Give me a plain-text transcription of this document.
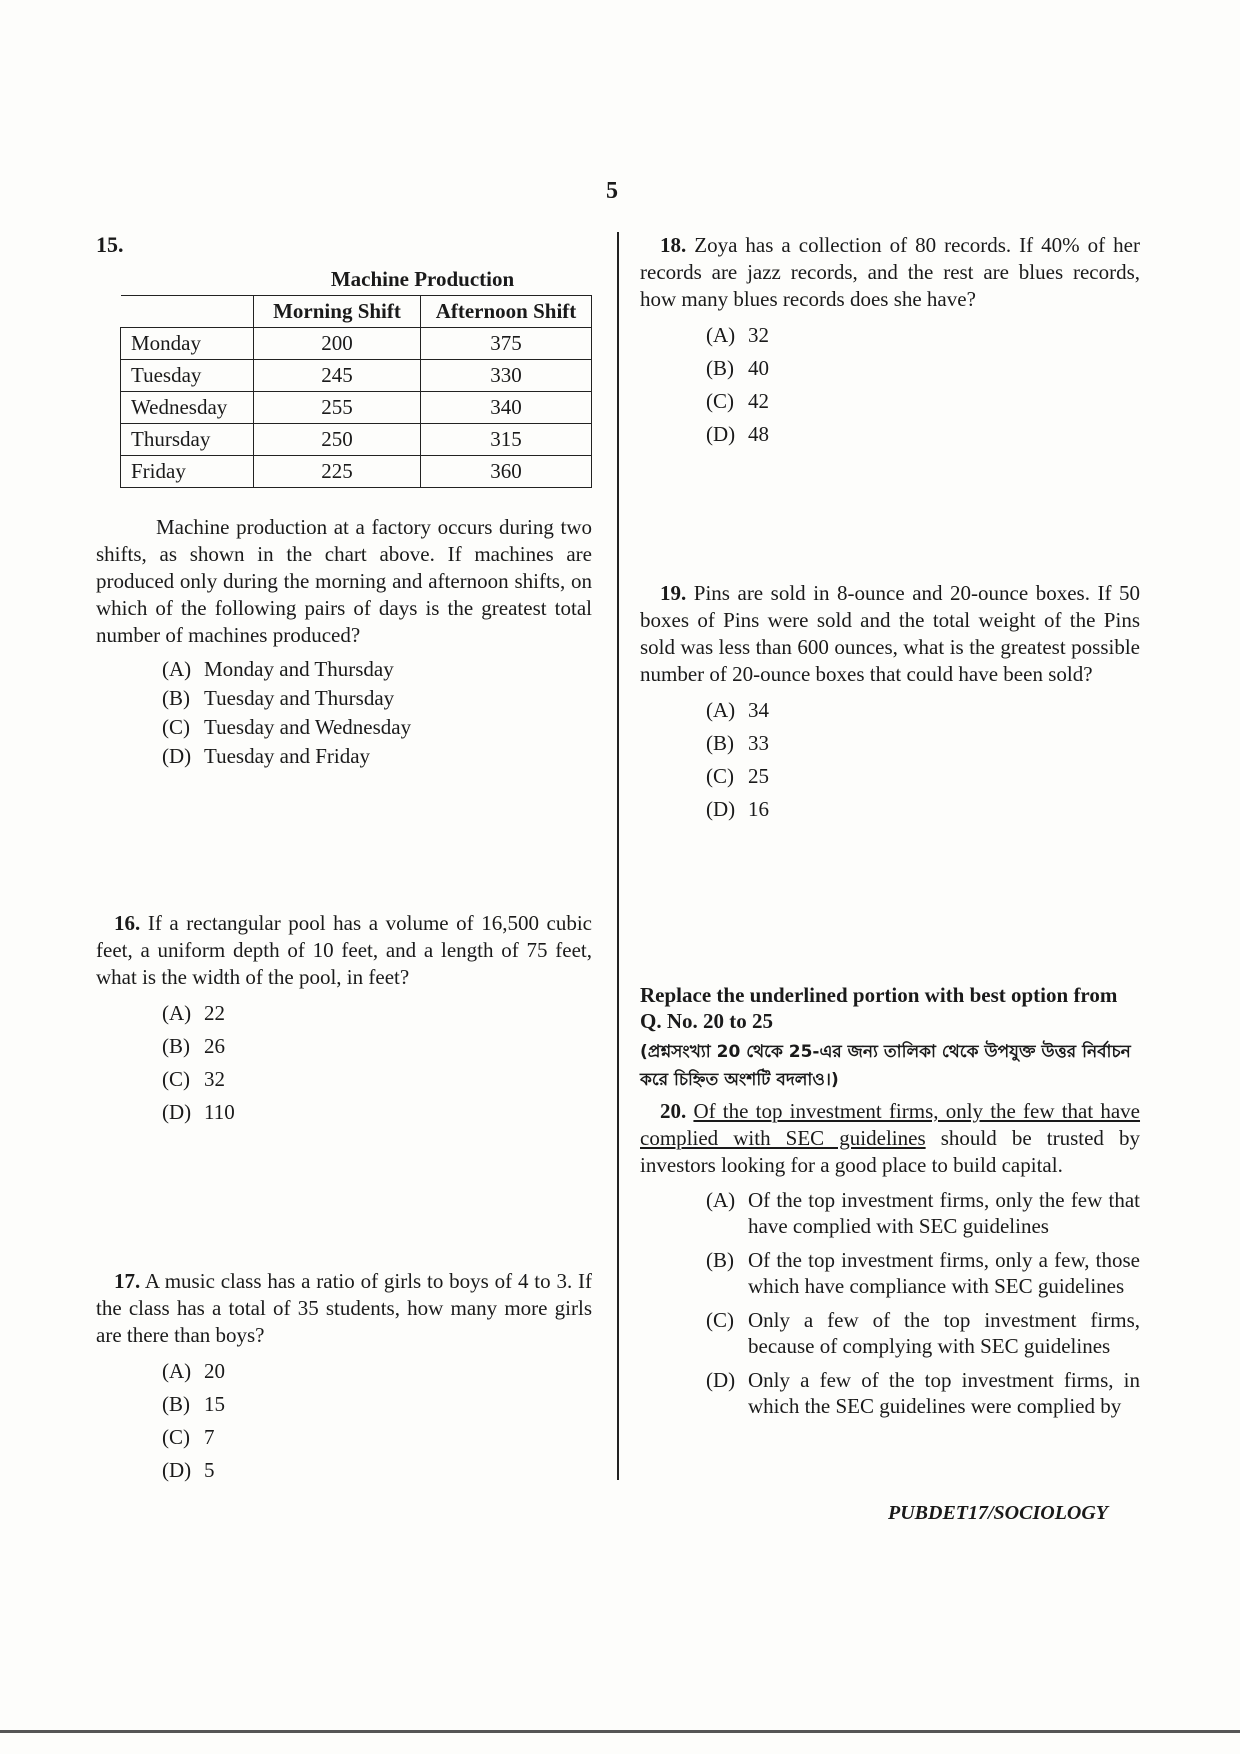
5
15.
	Machine Production	
	Morning Shift	Afternoon Shift
Monday	200	375
Tuesday	245	330
Wednesday	255	340
Thursday	250	315
Friday	225	360

Machine production at a factory occurs during two shifts, as shown in the chart above. If machines are produced only during the morning and afternoon shifts, on which of the following pairs of days is the greatest total number of machines produced?

(A) Monday and Thursday
(B) Tuesday and Thursday
(C) Tuesday and Wednesday
(D) Tuesday and Friday

16. If a rectangular pool has a volume of 16,500 cubic feet, a uniform depth of 10 feet, and a length of 75 feet, what is the width of the pool, in feet?

(A) 22
(B) 26
(C) 32
(D) 110

17. A music class has a ratio of girls to boys of 4 to 3. If the class has a total of 35 students, how many more girls are there than boys?

(A) 20
(B) 15
(C) 7
(D) 5

18. Zoya has a collection of 80 records. If 40% of her records are jazz records, and the rest are blues records, how many blues records does she have?

(A) 32
(B) 40
(C) 42
(D) 48

19. Pins are sold in 8-ounce and 20-ounce boxes. If 50 boxes of Pins were sold and the total weight of the Pins sold was less than 600 ounces, what is the greatest possible number of 20-ounce boxes that could have been sold?

(A) 34
(B) 33
(C) 25
(D) 16

Replace the underlined portion with best option from Q. No. 20 to 25

(প্রশ্নসংখ্যা 20 থেকে 25-এর জন্য তালিকা থেকে উপযুক্ত উত্তর নির্বাচন করে চিহ্নিত অংশটি বদলাও।)

20. Of the top investment firms, only the few that have complied with SEC guidelines should be trusted by investors looking for a good place to build capital.

(A) Of the top investment firms, only the few that have complied with SEC guidelines
(B) Of the top investment firms, only a few, those which have compliance with SEC guidelines
(C) Only a few of the top investment firms, because of complying with SEC guidelines
(D) Only a few of the top investment firms, in which the SEC guidelines were complied by
PUBDET17/SOCIOLOGY
